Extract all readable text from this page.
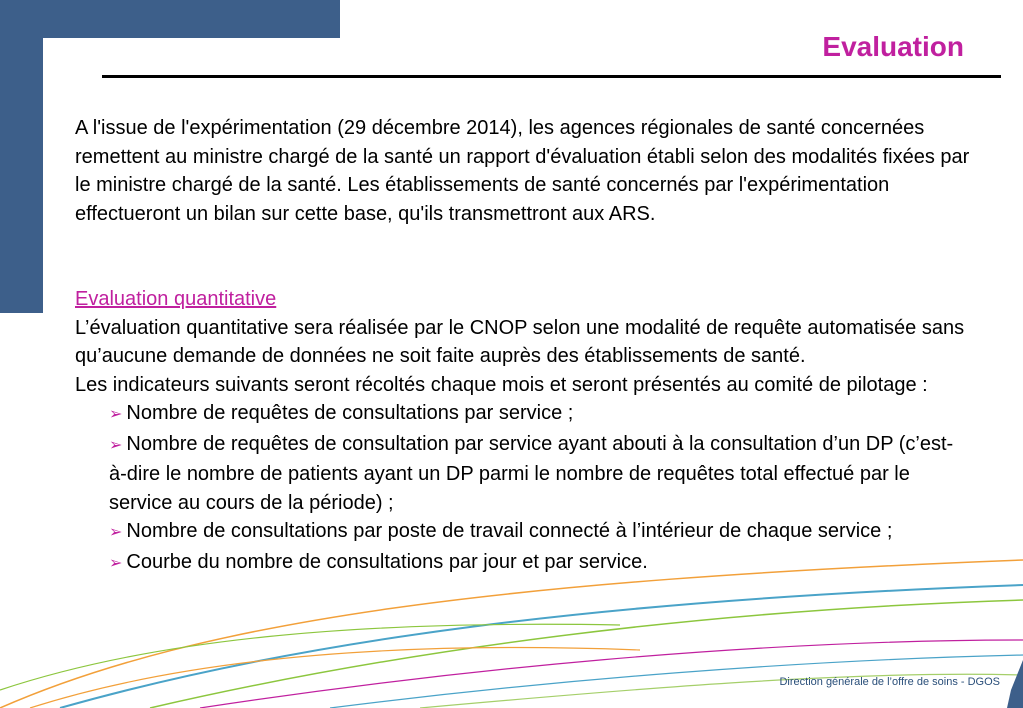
Evaluation

A l'issue de l'expérimentation (29 décembre 2014), les agences régionales de santé concernées remettent au ministre chargé de la santé un rapport d'évaluation établi selon des modalités fixées par le ministre chargé de la santé. Les établissements de santé concernés par l'expérimentation effectueront un bilan sur cette base, qu'ils transmettront aux ARS.

Evaluation quantitative

L’évaluation quantitative sera réalisée par le CNOP selon une modalité de requête automatisée sans qu’aucune demande de données ne soit faite auprès des établissements de santé.

Les indicateurs suivants seront récoltés chaque mois et seront présentés au comité de pilotage :

➢ Nombre de requêtes de consultations par service ;
➢ Nombre de requêtes de consultation par service ayant abouti à la consultation d’un DP (c’est-à-dire le nombre de patients ayant un DP parmi le nombre de requêtes total effectué par le service au cours de la période) ;
➢ Nombre de consultations par poste de travail connecté à l’intérieur de chaque service ;
➢ Courbe du nombre de consultations par jour et par service.
Direction générale de l’offre de soins - DGOS
